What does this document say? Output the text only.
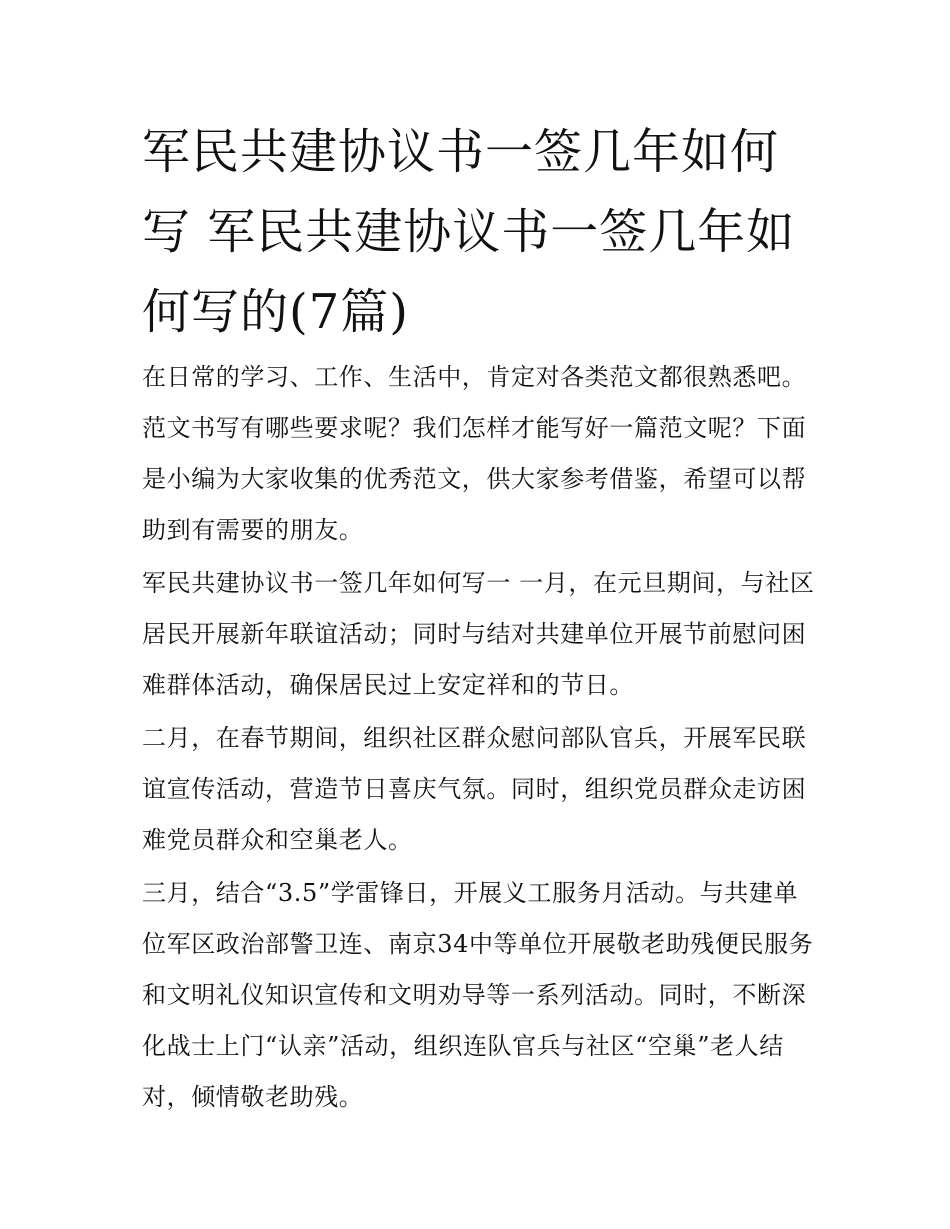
军民共建协议书一签几年如何写 军民共建协议书一签几年如何写的(7篇)

在日常的学习、工作、生活中，肯定对各类范文都很熟悉吧。范文书写有哪些要求呢？我们怎样才能写好一篇范文呢？下面是小编为大家收集的优秀范文，供大家参考借鉴，希望可以帮助到有需要的朋友。

军民共建协议书一签几年如何写一 一月，在元旦期间，与社区居民开展新年联谊活动；同时与结对共建单位开展节前慰问困难群体活动，确保居民过上安定祥和的节日。

二月，在春节期间，组织社区群众慰问部队官兵，开展军民联谊宣传活动，营造节日喜庆气氛。同时，组织党员群众走访困难党员群众和空巢老人。

三月，结合“3.5”学雷锋日，开展义工服务月活动。与共建单位军区政治部警卫连、南京34中等单位开展敬老助残便民服务和文明礼仪知识宣传和文明劝导等一系列活动。同时，不断深化战士上门“认亲”活动，组织连队官兵与社区“空巢”老人结对，倾情敬老助残。
